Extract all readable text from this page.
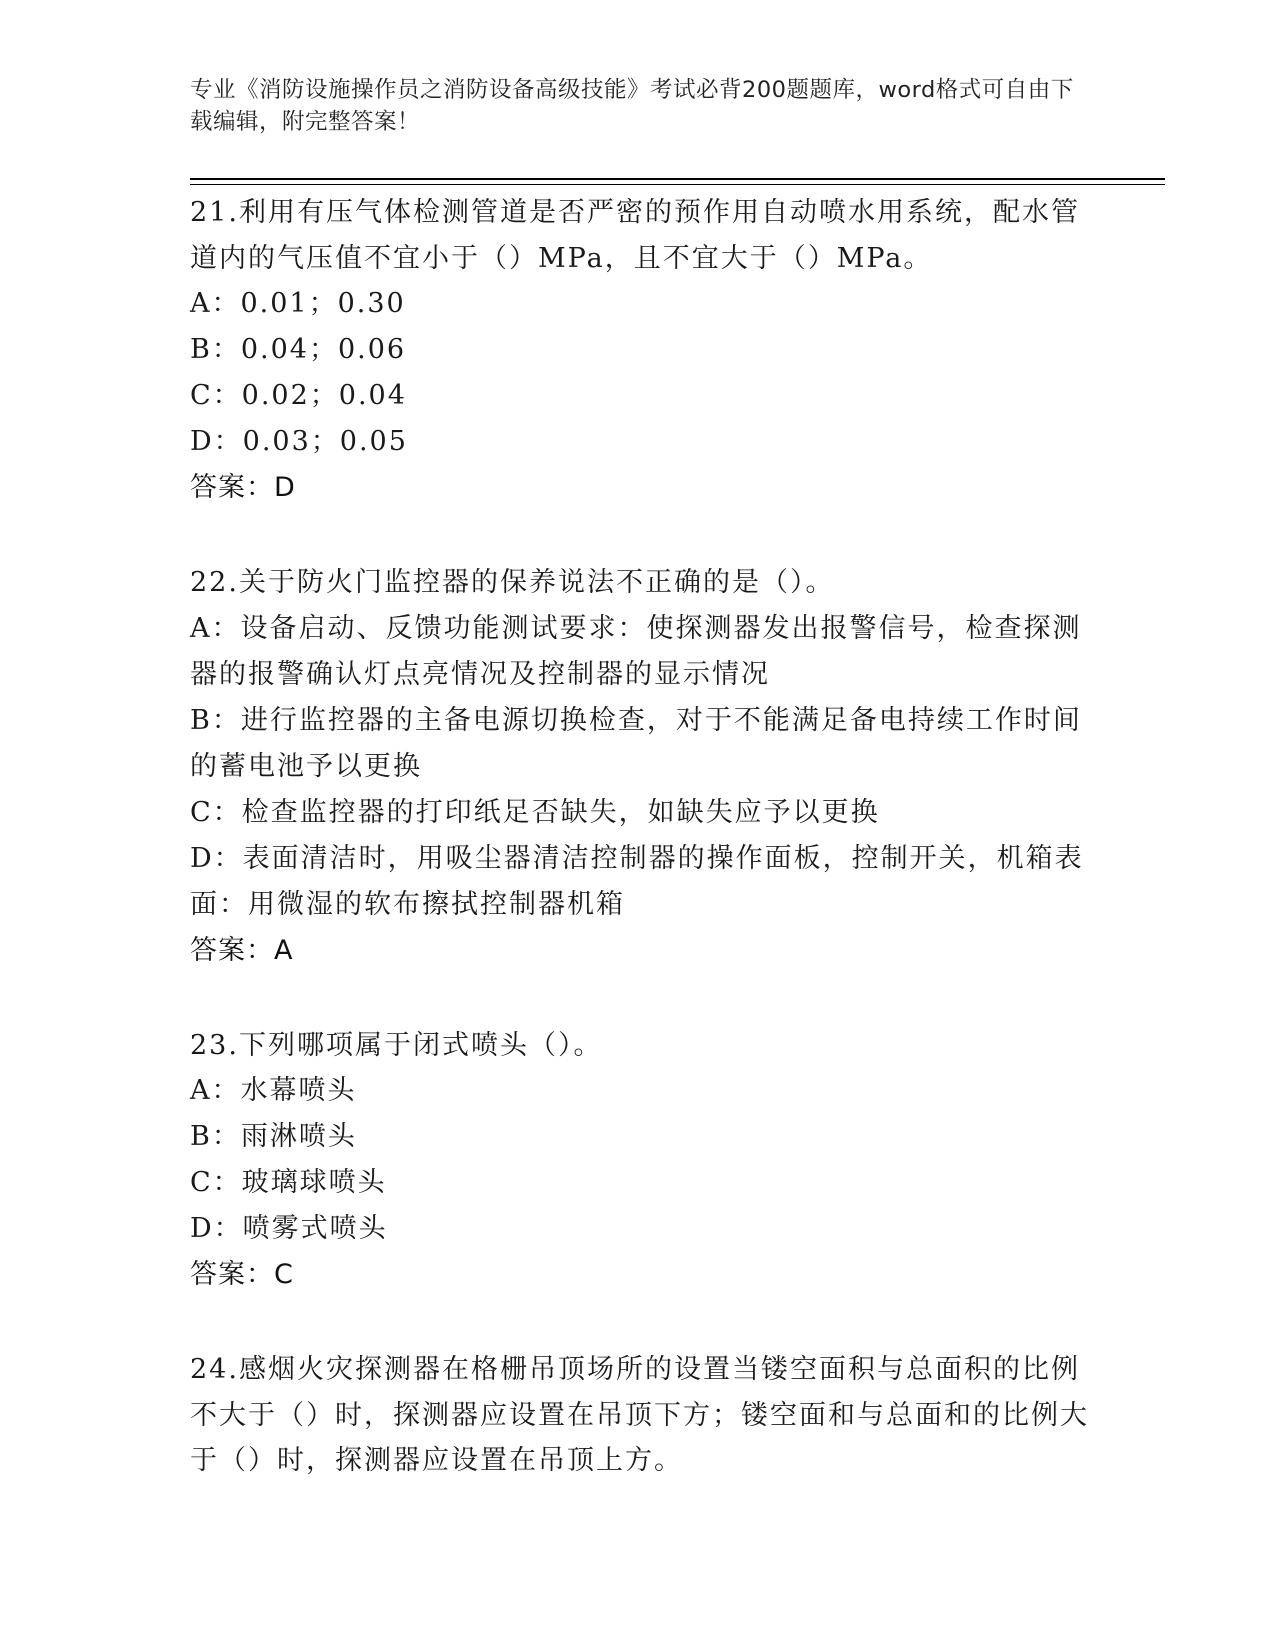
专业《消防设施操作员之消防设备高级技能》考试必背200题题库，word格式可自由下载编辑，附完整答案！

21.利用有压气体检测管道是否严密的预作用自动喷水用系统，配水管道内的气压值不宜小于（）MPa，且不宜大于（）MPa。

A：0.01；0.30

B：0.04；0.06

C：0.02；0.04

D：0.03；0.05

答案：D

22.关于防火门监控器的保养说法不正确的是（）。

A：设备启动、反馈功能测试要求：使探测器发出报警信号，检查探测器的报警确认灯点亮情况及控制器的显示情况

B：进行监控器的主备电源切换检查，对于不能满足备电持续工作时间的蓄电池予以更换

C：检查监控器的打印纸足否缺失，如缺失应予以更换

D：表面清洁时，用吸尘器清洁控制器的操作面板，控制开关，机箱表面：用微湿的软布擦拭控制器机箱

答案：A

23.下列哪项属于闭式喷头（）。

A：水幕喷头

B：雨淋喷头

C：玻璃球喷头

D：喷雾式喷头

答案：C

24.感烟火灾探测器在格栅吊顶场所的设置当镂空面积与总面积的比例不大于（）时，探测器应设置在吊顶下方；镂空面和与总面和的比例大于（）时，探测器应设置在吊顶上方。
